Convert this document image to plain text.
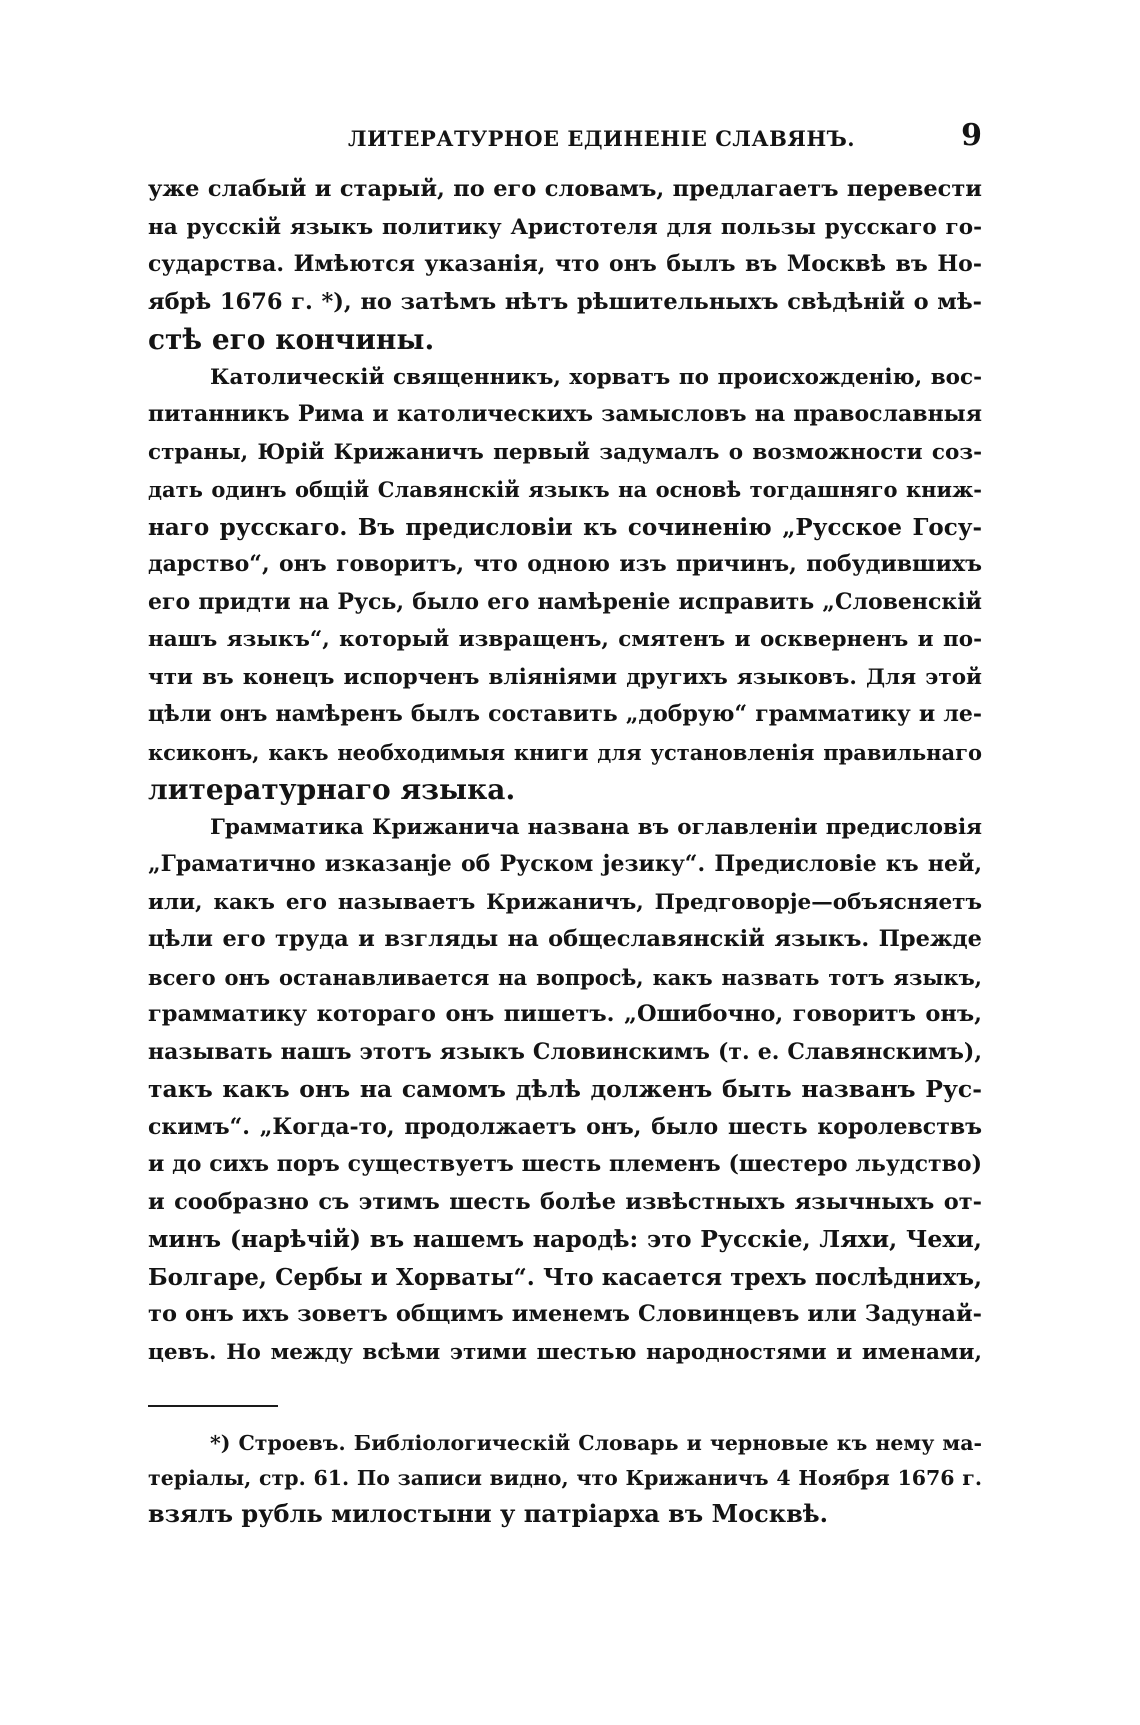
ЛИТЕРАТУРНОЕ ЕДИНЕНІЕ СЛАВЯНЪ.	9

уже слабый и старый, по его словамъ, предлагаетъ перевести
на русскій языкъ политику Аристотеля для пользы русскаго го-
сударства. Имѣются указанія, что онъ былъ въ Москвѣ въ Но-
ябрѣ 1676 г. *), но затѣмъ нѣтъ рѣшительныхъ свѣдѣній о мѣ-
стѣ его кончины.

Католическій священникъ, хорватъ по происхожденію, вос-
питанникъ Рима и католическихъ замысловъ на православныя
страны, Юрій Крижаничъ первый задумалъ о возможности соз-
дать одинъ общій Славянскій языкъ на основѣ тогдашняго книж-
наго русскаго. Въ предисловіи къ сочиненію „Русское Госу-
дарство“, онъ говоритъ, что одною изъ причинъ, побудившихъ
его придти на Русь, было его намѣреніе исправить „Словенскій
нашъ языкъ“, который извращенъ, смятенъ и оскверненъ и по-
чти въ конецъ испорченъ вліяніями другихъ языковъ. Для этой
цѣли онъ намѣренъ былъ составить „добрую“ грамматику и ле-
ксиконъ, какъ необходимыя книги для установленія правильнаго
литературнаго языка.

Грамматика Крижанича названа въ оглавленіи предисловія
„Граматично изказанје об Руском језику“. Предисловіе къ ней,
или, какъ его называетъ Крижаничъ, Предговорје—объясняетъ
цѣли его труда и взгляды на общеславянскій языкъ. Прежде
всего онъ останавливается на вопросѣ, какъ назвать тотъ языкъ,
грамматику котораго онъ пишетъ. „Ошибочно, говоритъ онъ,
называть нашъ этотъ языкъ Словинскимъ (т. е. Славянскимъ),
такъ какъ онъ на самомъ дѣлѣ долженъ быть названъ Рус-
скимъ“. „Когда-то, продолжаетъ онъ, было шесть королевствъ
и до сихъ поръ существуетъ шесть племенъ (шестеро льудство)
и сообразно съ этимъ шесть болѣе извѣстныхъ язычныхъ от-
минъ (нарѣчій) въ нашемъ народѣ: это Русскіе, Ляхи, Чехи,
Болгаре, Сербы и Хорваты“. Что касается трехъ послѣднихъ,
то онъ ихъ зоветъ общимъ именемъ Словинцевъ или Задунай-
цевъ. Но между всѣми этими шестью народностями и именами,

*) Строевъ. Библіологическій Словарь и черновые къ нему ма-
теріалы, стр. 61. По записи видно, что Крижаничъ 4 Ноября 1676 г.
взялъ рубль милостыни у патріарха въ Москвѣ.
